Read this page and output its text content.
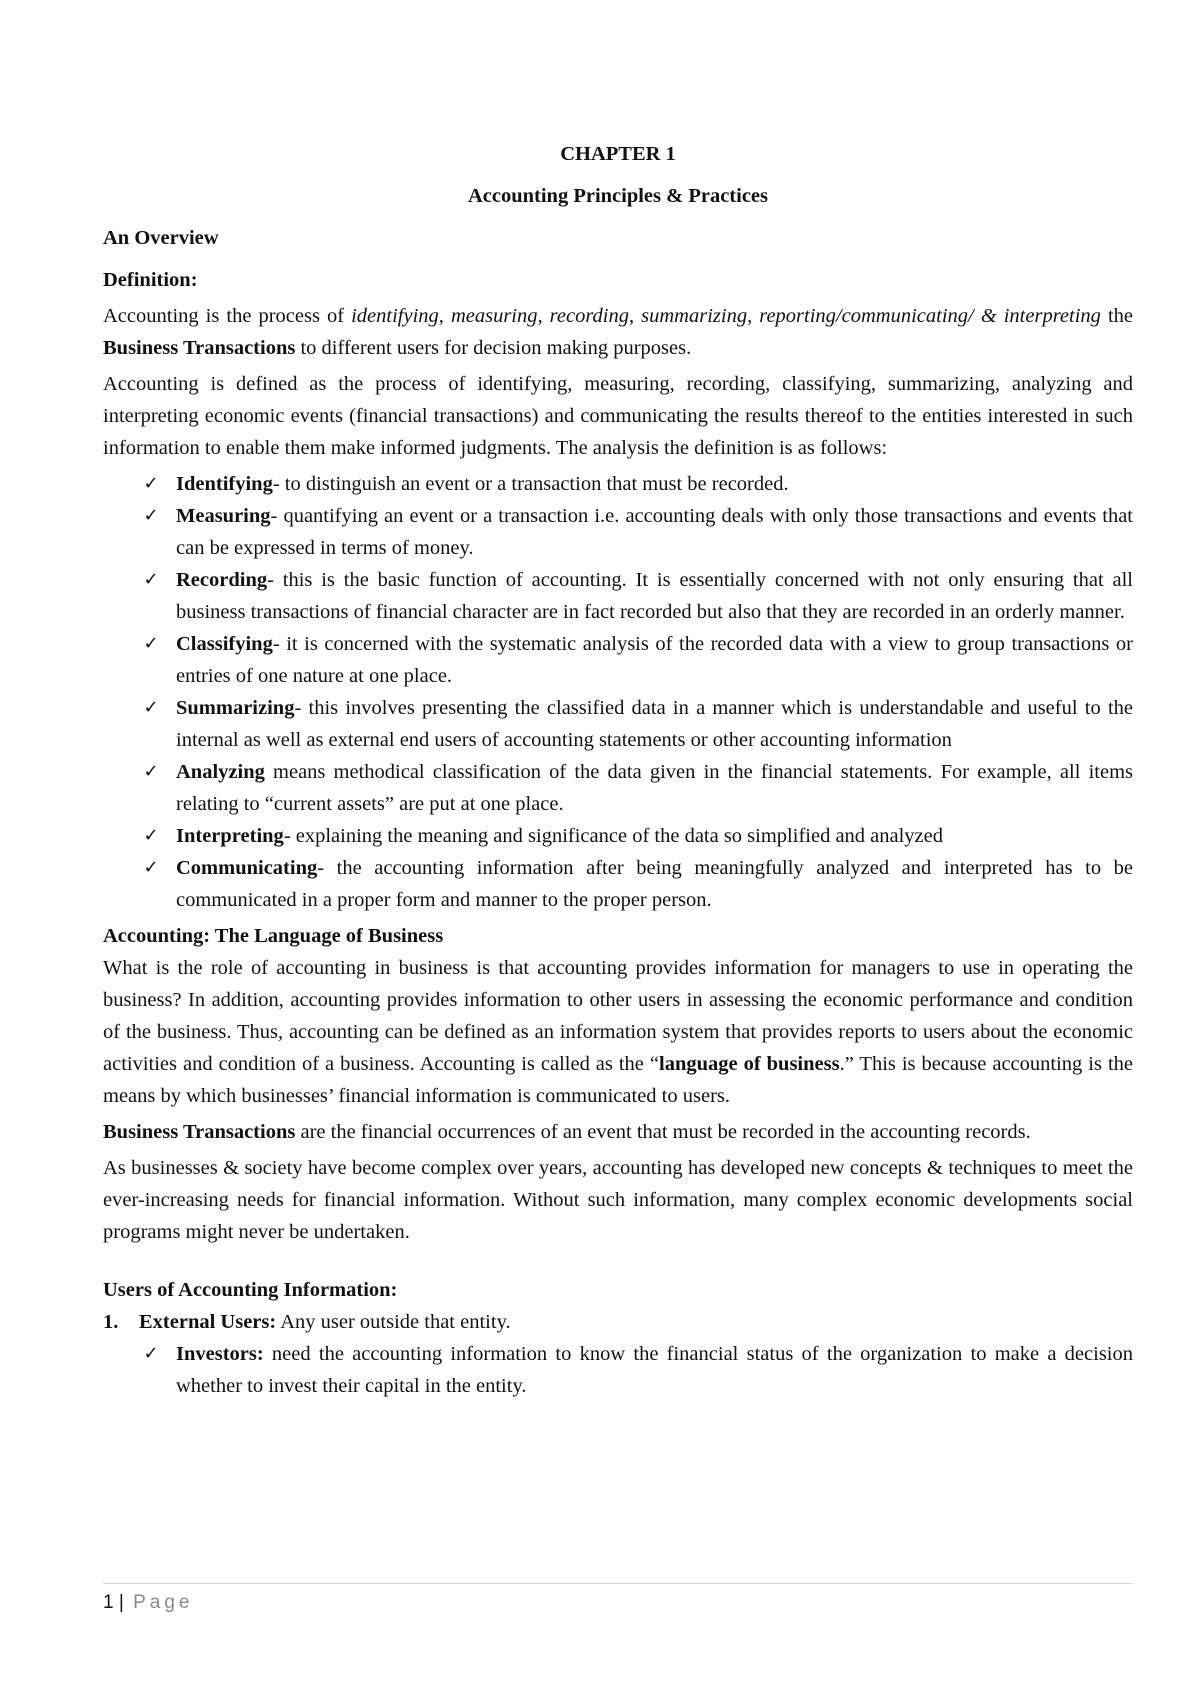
CHAPTER 1
Accounting Principles & Practices
An Overview
Definition:

Accounting is the process of identifying, measuring, recording, summarizing, reporting/communicating/ & interpreting the Business Transactions to different users for decision making purposes.

Accounting is defined as the process of identifying, measuring, recording, classifying, summarizing, analyzing and interpreting economic events (financial transactions) and communicating the results thereof to the entities interested in such information to enable them make informed judgments. The analysis the definition is as follows:

✓ Identifying- to distinguish an event or a transaction that must be recorded.
✓ Measuring- quantifying an event or a transaction i.e. accounting deals with only those transactions and events that can be expressed in terms of money.
✓ Recording- this is the basic function of accounting. It is essentially concerned with not only ensuring that all business transactions of financial character are in fact recorded but also that they are recorded in an orderly manner.
✓ Classifying- it is concerned with the systematic analysis of the recorded data with a view to group transactions or entries of one nature at one place.
✓ Summarizing- this involves presenting the classified data in a manner which is understandable and useful to the internal as well as external end users of accounting statements or other accounting information
✓ Analyzing means methodical classification of the data given in the financial statements. For example, all items relating to “current assets” are put at one place.
✓ Interpreting- explaining the meaning and significance of the data so simplified and analyzed
✓ Communicating- the accounting information after being meaningfully analyzed and interpreted has to be communicated in a proper form and manner to the proper person.
Accounting: The Language of Business

What is the role of accounting in business is that accounting provides information for managers to use in operating the business? In addition, accounting provides information to other users in assessing the economic performance and condition of the business. Thus, accounting can be defined as an information system that provides reports to users about the economic activities and condition of a business. Accounting is called as the “language of business.” This is because accounting is the means by which businesses’ financial information is communicated to users.

Business Transactions are the financial occurrences of an event that must be recorded in the accounting records.

As businesses & society have become complex over years, accounting has developed new concepts & techniques to meet the ever-increasing needs for financial information. Without such information, many complex economic developments social programs might never be undertaken.

Users of Accounting Information:
1. External Users: Any user outside that entity.
✓ Investors: need the accounting information to know the financial status of the organization to make a decision whether to invest their capital in the entity.
1 | Page
